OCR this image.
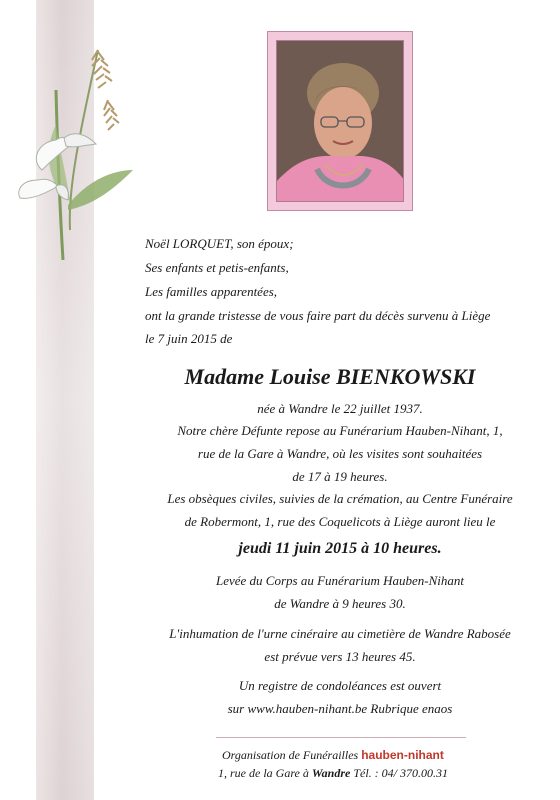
Noël LORQUET, son époux;
Ses enfants et petis-enfants,
Les familles apparentées,
ont la grande tristesse de vous faire part du décès survenu à Liège
le 7 juin 2015 de
Madame Louise BIENKOWSKI
née à Wandre le 22 juillet 1937.
Notre chère Défunte repose au Funérarium Hauben-Nihant, 1,
rue de la Gare à Wandre, où les visites sont souhaitées
de 17 à 19 heures.
Les obsèques civiles, suivies de la crémation, au Centre Funéraire
de Robermont, 1, rue des Coquelicots à Liège auront lieu le
jeudi 11 juin 2015 à 10 heures.
Levée du Corps au Funérarium Hauben-Nihant
de Wandre à 9 heures 30.
L'inhumation de l'urne cinéraire au cimetière de Wandre Rabosée
est prévue vers 13 heures 45.
Un registre de condoléances est ouvert
sur www.hauben-nihant.be Rubrique enaos
Organisation de Funérailles hauben-nihant
1, rue de la Gare à Wandre Tél. : 04/ 370.00.31
